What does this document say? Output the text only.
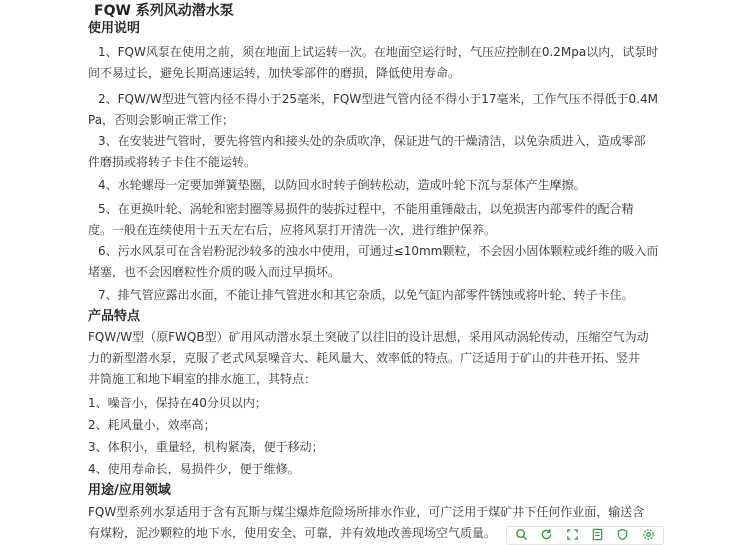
FQW 系列风动潜水泵
使用说明
1、FQW风泵在使用之前，须在地面上试运转一次。在地面空运行时，气压应控制在0.2Mpa以内，试泵时
间不易过长，避免长期高速运转，加快零部件的磨损，降低使用寿命。
2、FQW/W型进气管内径不得小于25毫米，FQW型进气管内径不得小于17毫米，工作气压不得低于0.4M
Pa，否则会影响正常工作；
3、在安装进气管时，要先将管内和接头处的杂质吹净，保证进气的干燥清洁，以免杂质进入，造成零部
件磨损或将转子卡住不能运转。
4、水轮螺母一定要加弹簧垫圈，以防回水时转子倒转松动，造成叶轮下沉与泵体产生摩擦。
5、在更换叶轮、涡轮和密封圈等易损件的装拆过程中，不能用重锤敲击，以免损害内部零件的配合精
度。一般在连续使用十五天左右后，应将风泵打开清洗一次，进行维护保养。
6、污水风泵可在含岩粉泥沙较多的浊水中使用，可通过≤10mm颗粒，不会因小固体颗粒或纤维的吸入而
堵塞，也不会因磨粒性介质的吸入而过早损坏。
7、排气管应露出水面，不能让排气管进水和其它杂质，以免气缸内部零件锈蚀或将叶轮、转子卡住。
产品特点
FQW/W型（原FWQB型）矿用风动潜水泵土突破了以往旧的设计思想，采用风动涡轮传动，压缩空气为动
力的新型潜水泵，克服了老式风泵噪音大、耗风量大、效率低的特点。广泛适用于矿山的井巷开拓、竖井
井筒施工和地下峒室的排水施工，其特点：
1、噪音小，保持在40分贝以内；
2、耗风量小，效率高；
3、体积小，重量轻，机构紧凑，便于移动；
4、使用寿命长，易损件少，便于维修。
用途/应用领域
FQW型系列水泵适用于含有瓦斯与煤尘爆炸危险场所排水作业，可广泛用于煤矿井下任何作业面，输送含
有煤粉，泥沙颗粒的地下水，使用安全、可靠，并有效地改善现场空气质量。
